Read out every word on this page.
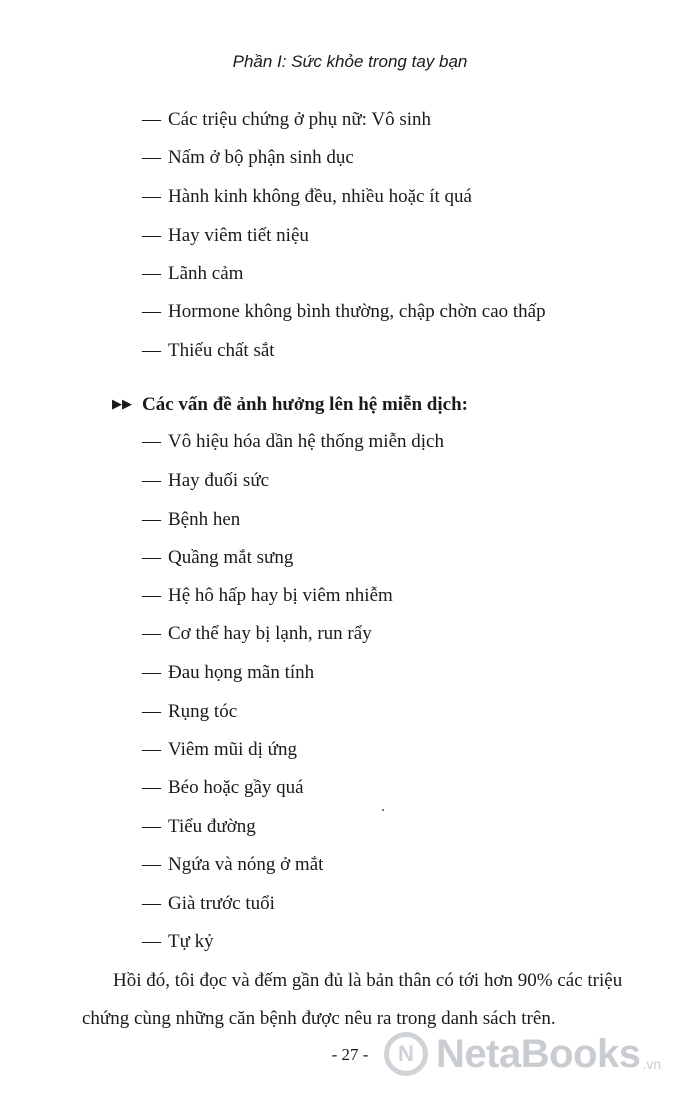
Phần I: Sức khỏe trong tay bạn
— Các triệu chứng ở phụ nữ: Vô sinh
— Nấm ở bộ phận sinh dục
— Hành kinh không đều, nhiều hoặc ít quá
— Hay viêm tiết niệu
— Lãnh cảm
— Hormone không bình thường, chập chờn cao thấp
— Thiếu chất sắt
▶▶ Các vấn đề ảnh hưởng lên hệ miễn dịch:
— Vô hiệu hóa dần hệ thống miễn dịch
— Hay đuối sức
— Bệnh hen
— Quầng mắt sưng
— Hệ hô hấp hay bị viêm nhiễm
— Cơ thể hay bị lạnh, run rẩy
— Đau họng mãn tính
— Rụng tóc
— Viêm mũi dị ứng
— Béo hoặc gầy quá
— Tiểu đường
— Ngứa và nóng ở mắt
— Già trước tuổi
— Tự kỷ
Hồi đó, tôi đọc và đếm gần đủ là bản thân có tới hơn 90% các triệu chứng cùng những căn bệnh được nêu ra trong danh sách trên.
- 27 -	N NetaBooks .vn
